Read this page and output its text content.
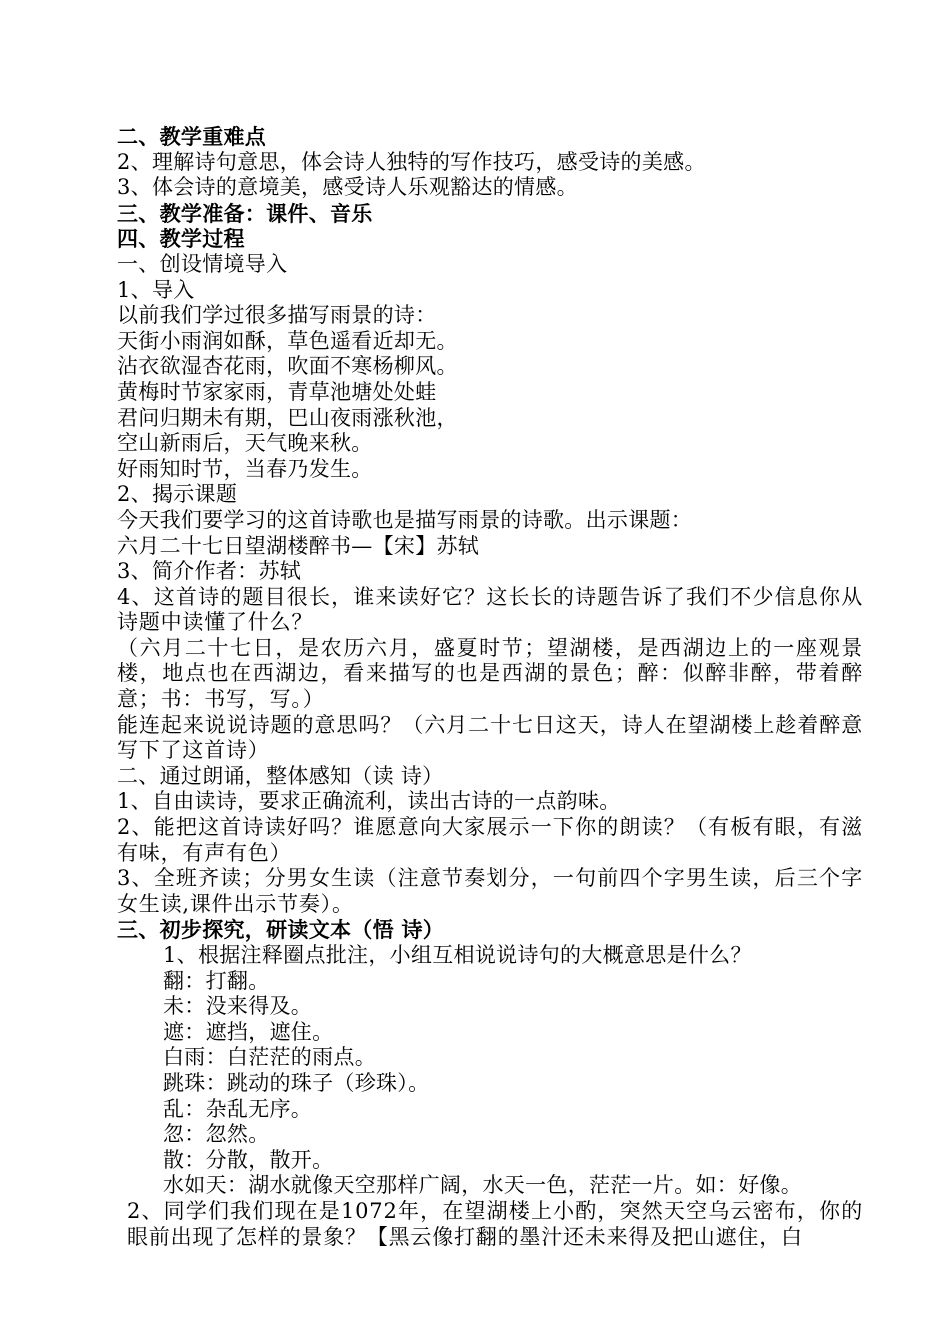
二、教学重难点
2、理解诗句意思，体会诗人独特的写作技巧，感受诗的美感。
3、体会诗的意境美，感受诗人乐观豁达的情感。
三、教学准备：课件、音乐
四、教学过程
一、创设情境导入
1、导入
以前我们学过很多描写雨景的诗：
天街小雨润如酥，草色遥看近却无。
沾衣欲湿杏花雨，吹面不寒杨柳风。
黄梅时节家家雨，青草池塘处处蛙
君问归期未有期，巴山夜雨涨秋池，
空山新雨后，天气晚来秋。
好雨知时节，当春乃发生。
2、揭示课题
今天我们要学习的这首诗歌也是描写雨景的诗歌。出示课题：
六月二十七日望湖楼醉书—【宋】苏轼
3、简介作者：苏轼
4、这首诗的题目很长，谁来读好它？这长长的诗题告诉了我们不少信息你从诗题中读懂了什么？
（六月二十七日，是农历六月，盛夏时节；望湖楼，是西湖边上的一座观景楼，地点也在西湖边，看来描写的也是西湖的景色；醉：似醉非醉，带着醉意；书：书写，写。）
能连起来说说诗题的意思吗？（六月二十七日这天，诗人在望湖楼上趁着醉意写下了这首诗）
二、通过朗诵，整体感知（读 诗）
1、自由读诗，要求正确流利，读出古诗的一点韵味。
2、能把这首诗读好吗？谁愿意向大家展示一下你的朗读？（有板有眼，有滋有味，有声有色）
3、全班齐读；分男女生读（注意节奏划分，一句前四个字男生读，后三个字女生读,课件出示节奏）。
三、初步探究，研读文本（悟 诗）
1、根据注释圈点批注，小组互相说说诗句的大概意思是什么？
翻：打翻。
未：没来得及。
遮：遮挡，遮住。
白雨：白茫茫的雨点。
跳珠：跳动的珠子（珍珠）。
乱：杂乱无序。
忽：忽然。
散：分散，散开。
水如天：湖水就像天空那样广阔，水天一色，茫茫一片。如：好像。
2、同学们我们现在是1072年，在望湖楼上小酌，突然天空乌云密布，你的眼前出现了怎样的景象？【黑云像打翻的墨汁还未来得及把山遮住，白
